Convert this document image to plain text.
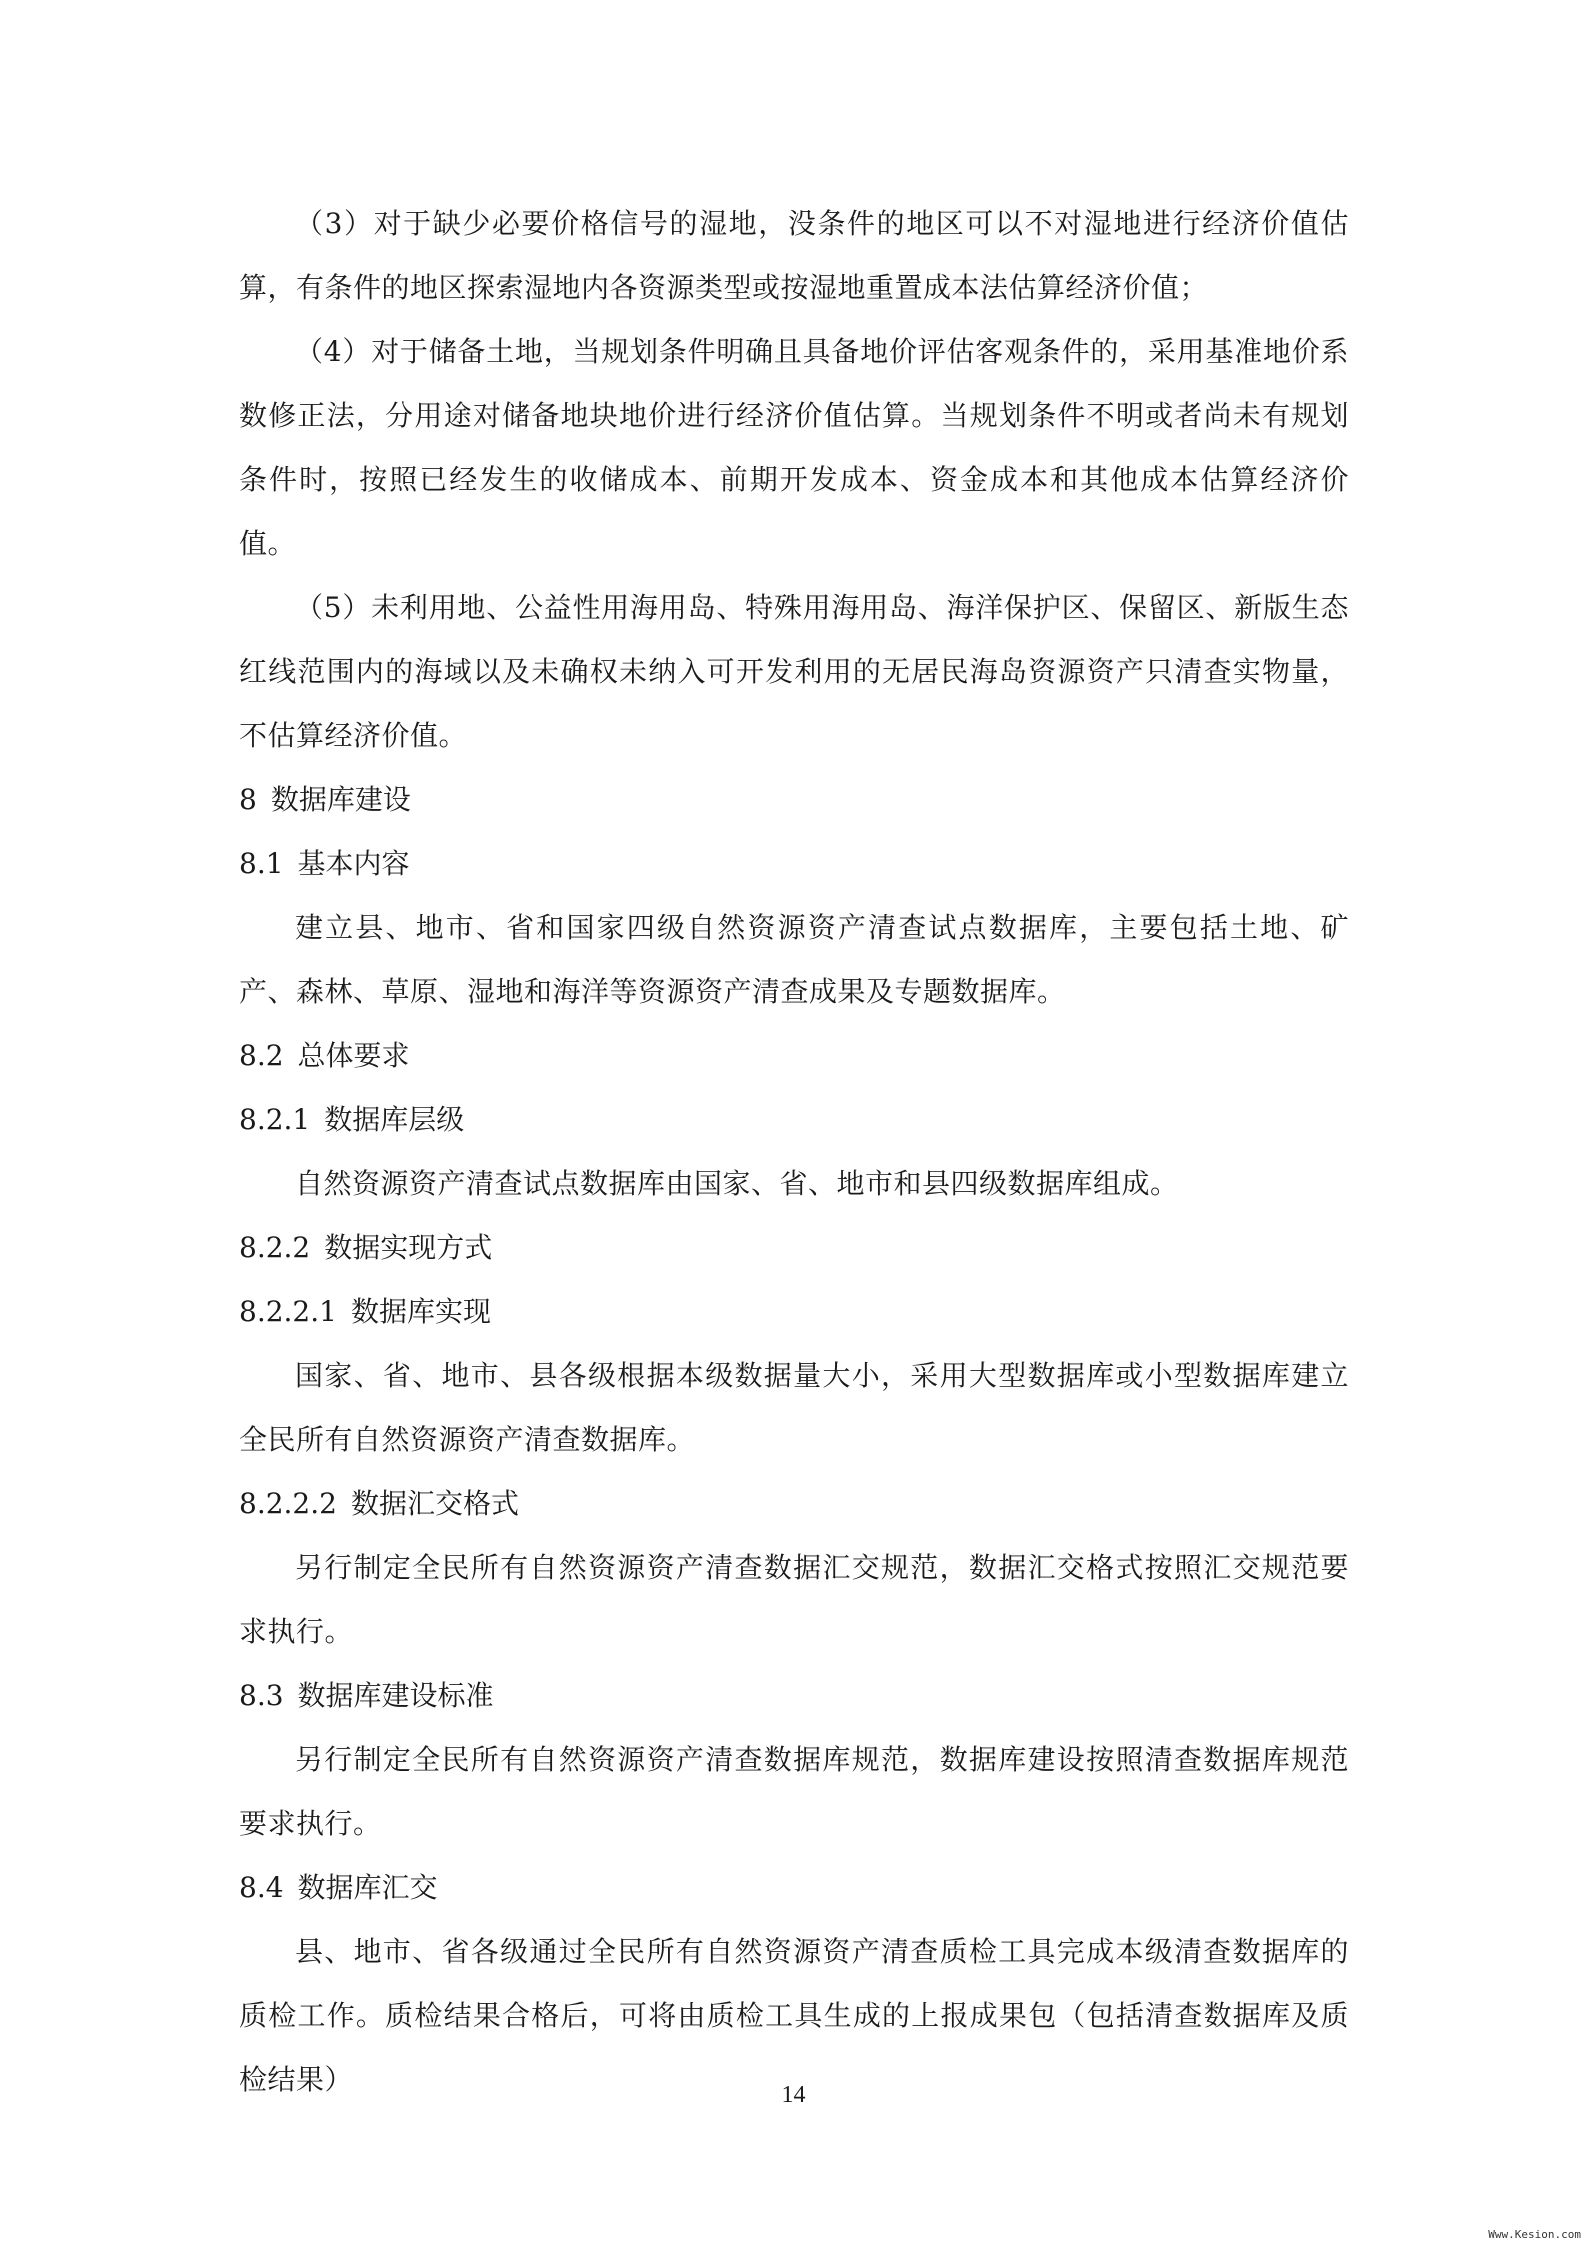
（3）对于缺少必要价格信号的湿地，没条件的地区可以不对湿地进行经济价值估算，有条件的地区探索湿地内各资源类型或按湿地重置成本法估算经济价值；

（4）对于储备土地，当规划条件明确且具备地价评估客观条件的，采用基准地价系数修正法，分用途对储备地块地价进行经济价值估算。当规划条件不明或者尚未有规划条件时，按照已经发生的收储成本、前期开发成本、资金成本和其他成本估算经济价值。

（5）未利用地、公益性用海用岛、特殊用海用岛、海洋保护区、保留区、新版生态红线范围内的海域以及未确权未纳入可开发利用的无居民海岛资源资产只清查实物量，不估算经济价值。

8 数据库建设
8.1 基本内容

建立县、地市、省和国家四级自然资源资产清查试点数据库，主要包括土地、矿产、森林、草原、湿地和海洋等资源资产清查成果及专题数据库。

8.2 总体要求
8.2.1 数据库层级

自然资源资产清查试点数据库由国家、省、地市和县四级数据库组成。

8.2.2 数据实现方式
8.2.2.1 数据库实现

国家、省、地市、县各级根据本级数据量大小，采用大型数据库或小型数据库建立全民所有自然资源资产清查数据库。

8.2.2.2 数据汇交格式

另行制定全民所有自然资源资产清查数据汇交规范，数据汇交格式按照汇交规范要求执行。

8.3 数据库建设标准

另行制定全民所有自然资源资产清查数据库规范，数据库建设按照清查数据库规范要求执行。

8.4 数据库汇交

县、地市、省各级通过全民所有自然资源资产清查质检工具完成本级清查数据库的质检工作。质检结果合格后，可将由质检工具生成的上报成果包（包括清查数据库及质检结果）	14
Www.Kesion.com
